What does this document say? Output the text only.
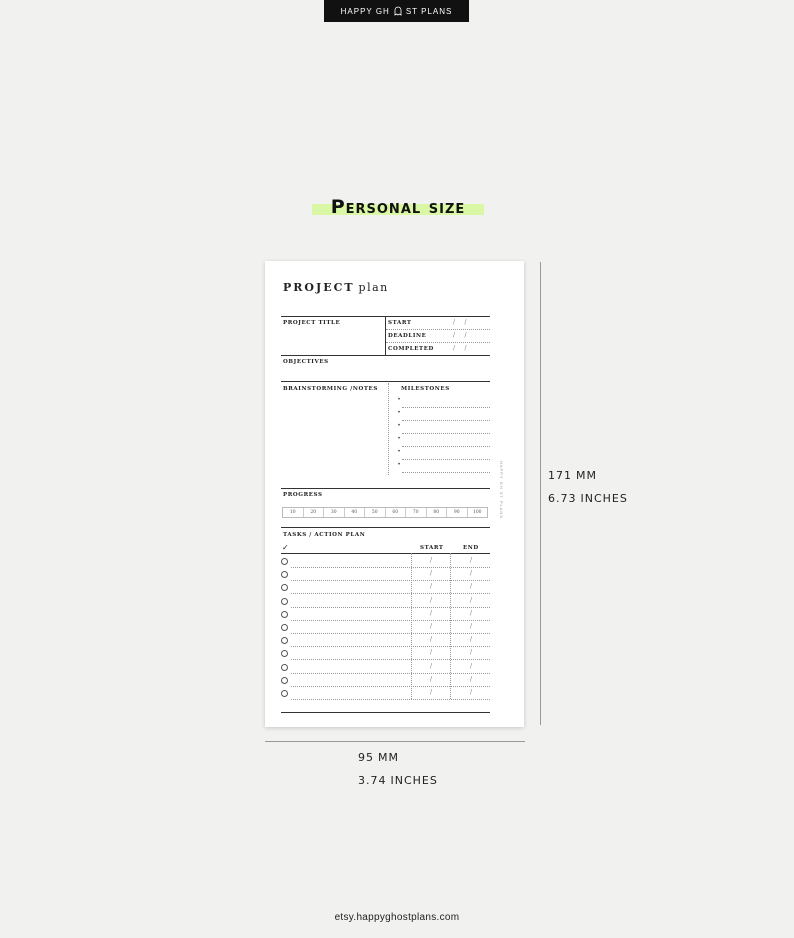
HAPPY GH ST PLANS
Personal size
PROJECT plan
PROJECT TITLE	START	/     /
DEADLINE	/     /
COMPLETED	/     /
OBJECTIVES
BRAINSTORMING /NOTES	MILESTONES
•
•
•
•
•
•
PROGRESS
10	20	30	40	50	60	70	80	90	100
TASKS / ACTION PLAN
✓	START	END
/	/
/	/
/	/
/	/
/	/
/	/
/	/
/	/
/	/
/	/
/	/
HAPPY GH ST PLANS	171 MM
6.73 INCHES
95 MM
3.74 INCHES
etsy.happyghostplans.com
